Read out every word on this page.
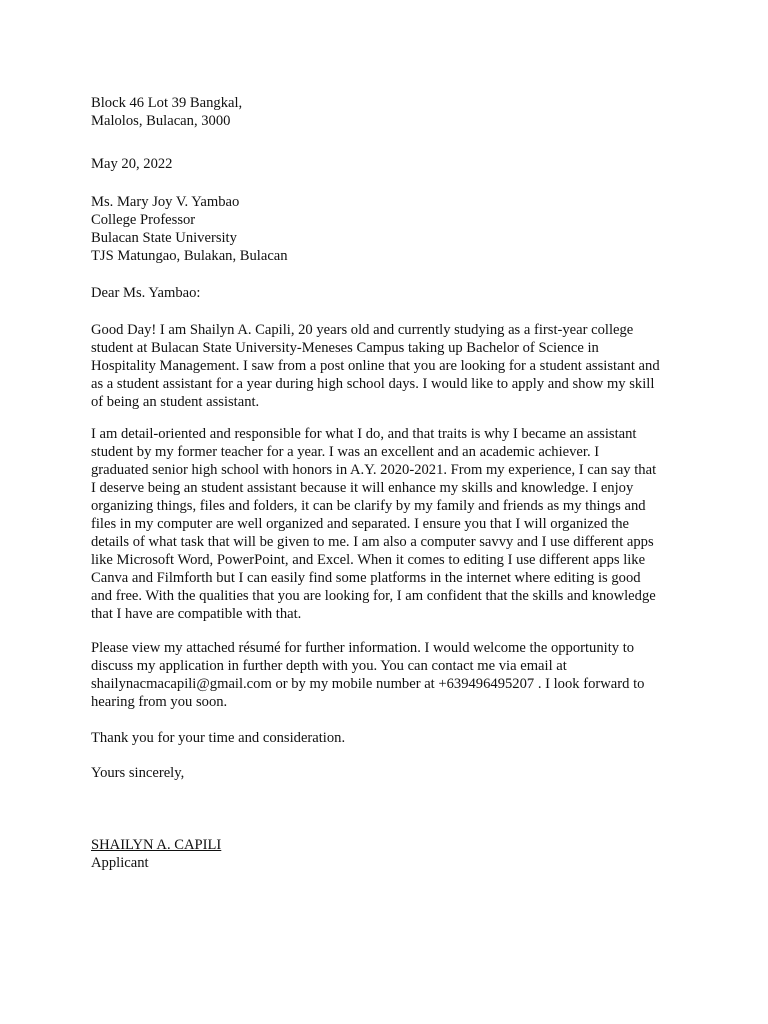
Block 46 Lot 39 Bangkal,
Malolos, Bulacan, 3000
May 20, 2022
Ms. Mary Joy V. Yambao
College Professor
Bulacan State University
TJS Matungao, Bulakan, Bulacan
Dear Ms. Yambao:
Good Day! I am Shailyn A. Capili, 20 years old and currently studying as a first-year college
student at Bulacan State University-Meneses Campus taking up Bachelor of Science in
Hospitality Management. I saw from a post online that you are looking for a student assistant and
as a student assistant for a year during high school days. I would like to apply and show my skill
of being an student assistant.
I am detail-oriented and responsible for what I do, and that traits is why I became an assistant
student by my former teacher for a year. I was an excellent and an academic achiever. I
graduated senior high school with honors in A.Y. 2020-2021. From my experience, I can say that
I deserve being an student assistant because it will enhance my skills and knowledge. I enjoy
organizing things, files and folders, it can be clarify by my family and friends as my things and
files in my computer are well organized and separated. I ensure you that I will organized the
details of what task that will be given to me. I am also a computer savvy and I use different apps
like Microsoft Word, PowerPoint, and Excel. When it comes to editing I use different apps like
Canva and Filmforth but I can easily find some platforms in the internet where editing is good
and free. With the qualities that you are looking for, I am confident that the skills and knowledge
that I have are compatible with that.
Please view my attached résumé for further information. I would welcome the opportunity to
discuss my application in further depth with you. You can contact me via email at
shailynacmacapili@gmail.com or by my mobile number at +639496495207 . I look forward to
hearing from you soon.
Thank you for your time and consideration.
Yours sincerely,
SHAILYN A. CAPILI
Applicant
